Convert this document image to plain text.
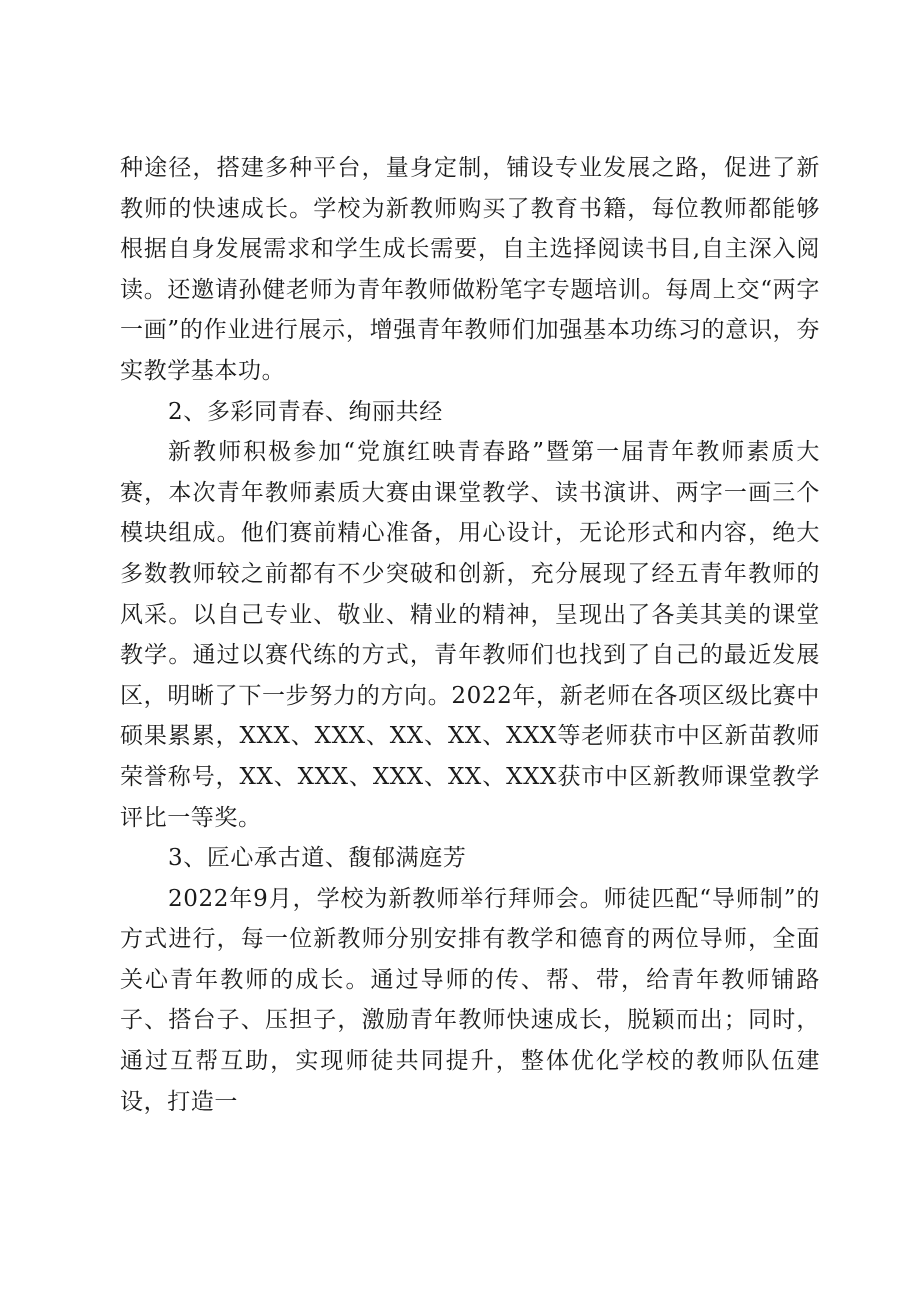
种途径，搭建多种平台，量身定制，铺设专业发展之路，促进了新教师的快速成长。学校为新教师购买了教育书籍，每位教师都能够根据自身发展需求和学生成长需要，自主选择阅读书目,自主深入阅读。还邀请孙健老师为青年教师做粉笔字专题培训。每周上交“两字一画”的作业进行展示，增强青年教师们加强基本功练习的意识，夯实教学基本功。

2、多彩同青春、绚丽共经

新教师积极参加“党旗红映青春路”暨第一届青年教师素质大赛，本次青年教师素质大赛由课堂教学、读书演讲、两字一画三个模块组成。他们赛前精心准备，用心设计，无论形式和内容，绝大多数教师较之前都有不少突破和创新，充分展现了经五青年教师的风采。以自己专业、敬业、精业的精神，呈现出了各美其美的课堂教学。通过以赛代练的方式，青年教师们也找到了自己的最近发展区，明晰了下一步努力的方向。2022年，新老师在各项区级比赛中硕果累累，XXX、XXX、XX、XX、XXX等老师获市中区新苗教师荣誉称号，XX、XXX、XXX、XX、XXX获市中区新教师课堂教学评比一等奖。

3、匠心承古道、馥郁满庭芳

2022年9月，学校为新教师举行拜师会。师徒匹配“导师制”的方式进行，每一位新教师分别安排有教学和德育的两位导师，全面关心青年教师的成长。通过导师的传、帮、带，给青年教师铺路子、搭台子、压担子，激励青年教师快速成长，脱颖而出；同时，通过互帮互助，实现师徒共同提升，整体优化学校的教师队伍建设，打造一
